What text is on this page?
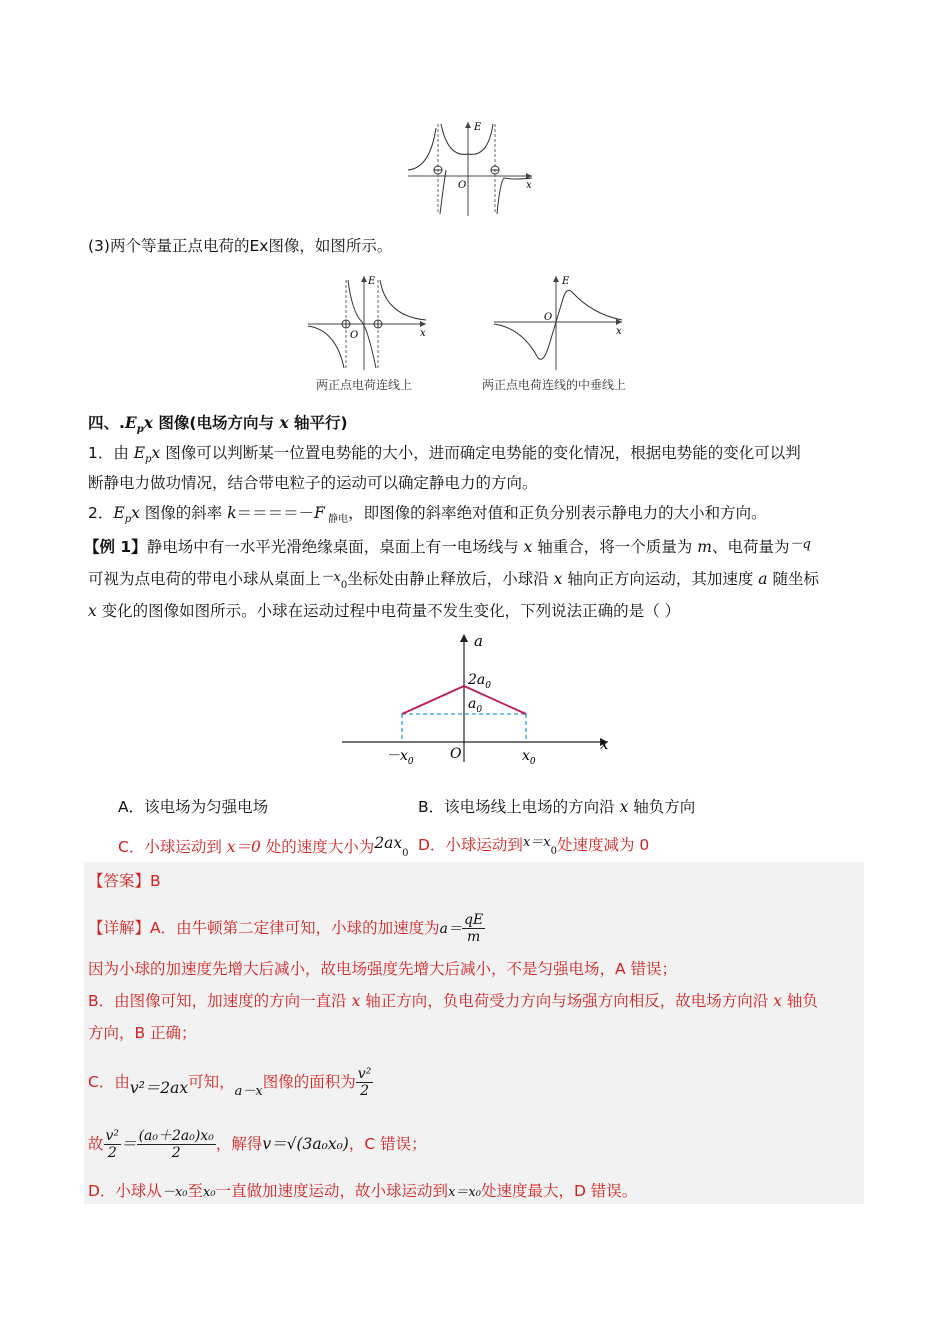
E
O	x
(3)两个等量正点电荷的Ex图像，如图所示。
E
O	x
E
O
x
两正点电荷连线上	两正点电荷连线的中垂线上
四、$.E_px$ 图像(电场方向与 x 轴平行)
1．由 $E_px$ 图像可以判断某一位置电势能的大小，进而确定电势能的变化情况，根据电势能的变化可以判
断静电力做功情况，结合带电粒子的运动可以确定静电力的方向。
2．$E_px$ 图像的斜率 k＝＝＝＝－F $_{静电}$，即图像的斜率绝对值和正负分别表示静电力的大小和方向。
【例 1】静电场中有一水平光滑绝缘桌面，桌面上有一电场线与 x 轴重合，将一个质量为 m、电荷量为$^{-q}$
可视为点电荷的带电小球从桌面上$-x_0$坐标处由静止释放后，小球沿 x 轴向正方向运动，其加速度 a 随坐标
x 变化的图像如图所示。小球在运动过程中电荷量不发生变化，下列说法正确的是（ ）
a
x
O
$-x_0$	$x_0$
$2a_0$
$a_0$
A．该电场为匀强电场	B．该电场线上电场的方向沿 x 轴负方向
C．小球运动到 x＝0 处的速度大小为$2ax_0$ D．小球运动到$^{x=x}_0$处速度减为 0
【答案】B
【详解】A．由牛顿第二定律可知，小球的加速度为$a= \frac{qE}{m}$
因为小球的加速度先增大后减小，故电场强度先增大后减小，不是匀强电场，A 错误；
B．由图像可知，加速度的方向一直沿 x 轴正方向，负电荷受力方向与场强方向相反，故电场方向沿 x 轴负
方向，B 正确；
C．由v²＝2ax可知，$_{a-x}$图像的面积为 $\frac{\text{v²}}{2}$
故 $\frac{\text{v²}}{2} = \frac{\text{(a₀＋2a₀)x₀}}{2}$ ，解得v＝√(3a₀x₀)，C 错误；
D．小球从－x₀至x₀一直做加速度运动，故小球运动到x＝x₀处速度最大，D 错误。
